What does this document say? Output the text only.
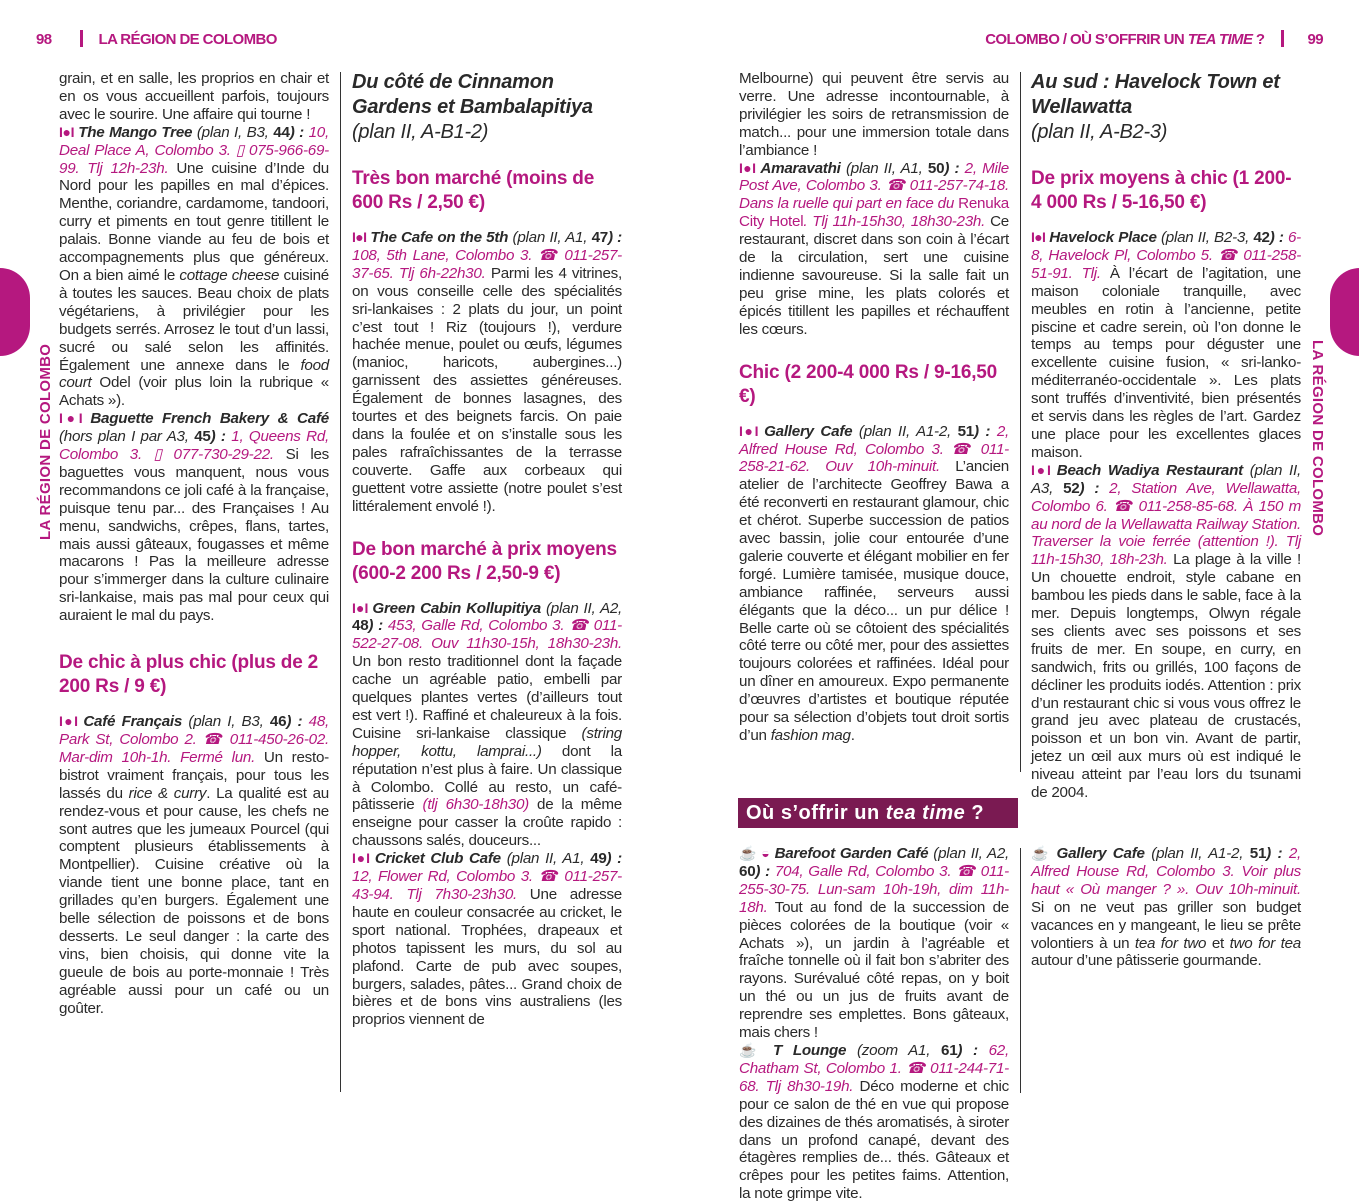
98	LA RÉGION DE COLOMBO	COLOMBO / OÙ S’OFFRIR UN TEA TIME ?	99
LA RÉGION DE COLOMBO	LA RÉGION DE COLOMBO

grain, et en salle, les proprios en chair et en os vous accueillent parfois, toujours avec le sourire. Une affaire qui tourne !

I●I The Mango Tree (plan I, B3, 44) : 10, Deal Place A, Colombo 3. ▯ 075-966-69-99. Tlj 12h-23h. Une cuisine d’Inde du Nord pour les papilles en mal d’épices. Menthe, coriandre, cardamome, tandoori, curry et piments en tout genre titillent le palais. Bonne viande au feu de bois et accompagnements plus que généreux. On a bien aimé le cottage cheese cuisiné à toutes les sauces. Beau choix de plats végétariens, à privilégier pour les budgets serrés. Arrosez le tout d’un lassi, sucré ou salé selon les affinités. Également une annexe dans le food court Odel (voir plus loin la rubrique « Achats »).

I●I Baguette French Bakery & Café (hors plan I par A3, 45) : 1, Queens Rd, Colombo 3. ▯ 077-730-29-22. Si les baguettes vous manquent, nous vous recommandons ce joli café à la française, puisque tenu par... des Françaises ! Au menu, sandwichs, crêpes, flans, tartes, mais aussi gâteaux, fougasses et même macarons ! Pas la meilleure adresse pour s’immerger dans la culture culinaire sri-lankaise, mais pas mal pour ceux qui auraient le mal du pays.

De chic à plus chic (plus de 2 200 Rs / 9 €)

I●I Café Français (plan I, B3, 46) : 48, Park St, Colombo 2. ☎ 011-450-26-02. Mar-dim 10h-1h. Fermé lun. Un resto-bistrot vraiment français, pour tous les lassés du rice & curry. La qualité est au rendez-vous et pour cause, les chefs ne sont autres que les jumeaux Pourcel (qui comptent plusieurs établissements à Montpellier). Cuisine créative où la viande tient une bonne place, tant en grillades qu’en burgers. Également une belle sélection de poissons et de bons desserts. Le seul danger : la carte des vins, bien choisis, qui donne vite la gueule de bois au porte-monnaie ! Très agréable aussi pour un café ou un goûter.

Du côté de Cinnamon Gardens et Bambalapitiya
(plan II, A-B1-2)
Très bon marché (moins de 600 Rs / 2,50 €)

I●I The Cafe on the 5th (plan II, A1, 47) : 108, 5th Lane, Colombo 3. ☎ 011-257-37-65. Tlj 6h-22h30. Parmi les 4 vitrines, on vous conseille celle des spécialités sri-lankaises : 2 plats du jour, un point c’est tout ! Riz (toujours !), verdure hachée menue, poulet ou œufs, légumes (manioc, haricots, aubergines...) garnissent des assiettes généreuses. Également de bonnes lasagnes, des tourtes et des beignets farcis. On paie dans la foulée et on s’installe sous les pales rafraîchissantes de la terrasse couverte. Gaffe aux corbeaux qui guettent votre assiette (notre poulet s’est littéralement envolé !).

De bon marché à prix moyens (600-2 200 Rs / 2,50-9 €)

I●I Green Cabin Kollupitiya (plan II, A2, 48) : 453, Galle Rd, Colombo 3. ☎ 011-522-27-08. Ouv 11h30-15h, 18h30-23h. Un bon resto traditionnel dont la façade cache un agréable patio, embelli par quelques plantes vertes (d’ailleurs tout est vert !). Raffiné et chaleureux à la fois. Cuisine sri-lankaise classique (string hopper, kottu, lamprai...) dont la réputation n’est plus à faire. Un classique à Colombo. Collé au resto, un café-pâtisserie (tlj 6h30-18h30) de la même enseigne pour casser la croûte rapido : chaussons salés, douceurs...

I●I Cricket Club Cafe (plan II, A1, 49) : 12, Flower Rd, Colombo 3. ☎ 011-257-43-94. Tlj 7h30-23h30. Une adresse haute en couleur consacrée au cricket, le sport national. Trophées, drapeaux et photos tapissent les murs, du sol au plafond. Carte de pub avec soupes, burgers, salades, pâtes... Grand choix de bières et de bons vins australiens (les proprios viennent de

Melbourne) qui peuvent être servis au verre. Une adresse incontournable, à privilégier les soirs de retransmission de match... pour une immersion totale dans l’ambiance !

I●I Amaravathi (plan II, A1, 50) : 2, Mile Post Ave, Colombo 3. ☎ 011-257-74-18. Dans la ruelle qui part en face du Renuka City Hotel. Tlj 11h-15h30, 18h30-23h. Ce restaurant, discret dans son coin à l’écart de la circulation, sert une cuisine indienne savoureuse. Si la salle fait un peu grise mine, les plats colorés et épicés titillent les papilles et réchauffent les cœurs.

Chic (2 200-4 000 Rs / 9-16,50 €)

I●I Gallery Cafe (plan II, A1-2, 51) : 2, Alfred House Rd, Colombo 3. ☎ 011-258-21-62. Ouv 10h-minuit. L’ancien atelier de l’architecte Geoffrey Bawa a été reconverti en restaurant glamour, chic et chérot. Superbe succession de patios avec bassin, jolie cour entourée d’une galerie couverte et élégant mobilier en fer forgé. Lumière tamisée, musique douce, ambiance raffinée, serveurs aussi élégants que la déco... un pur délice ! Belle carte où se côtoient des spécialités côté terre ou côté mer, pour des assiettes toujours colorées et raffinées. Idéal pour un dîner en amoureux. Expo permanente d’œuvres d’artistes et boutique réputée pour sa sélection d’objets tout droit sortis d’un fashion mag.

Au sud : Havelock Town et Wellawatta
(plan II, A-B2-3)
De prix moyens à chic (1 200-4 000 Rs / 5-16,50 €)

I●I Havelock Place (plan II, B2-3, 42) : 6-8, Havelock Pl, Colombo 5. ☎ 011-258-51-91. Tlj. À l’écart de l’agitation, une maison coloniale tranquille, avec meubles en rotin à l’ancienne, petite piscine et cadre serein, où l’on donne le temps au temps pour déguster une excellente cuisine fusion, « sri-lanko-méditerranéo-occidentale ». Les plats sont truffés d’inventivité, bien présentés et servis dans les règles de l’art. Gardez une place pour les excellentes glaces maison.

I●I Beach Wadiya Restaurant (plan II, A3, 52) : 2, Station Ave, Wellawatta, Colombo 6. ☎ 011-258-85-68. À 150 m au nord de la Wellawatta Railway Station. Traverser la voie ferrée (attention !). Tlj 11h-15h30, 18h-23h. La plage à la ville ! Un chouette endroit, style cabane en bambou les pieds dans le sable, face à la mer. Depuis longtemps, Olwyn régale ses clients avec ses poissons et ses fruits de mer. En soupe, en curry, en sandwich, frits ou grillés, 100 façons de décliner les produits iodés. Attention : prix d’un restaurant chic si vous vous offrez le grand jeu avec plateau de crustacés, poisson et un bon vin. Avant de partir, jetez un œil aux murs où est indiqué le niveau atteint par l’eau lors du tsunami de 2004.

Où s’offrir un tea time ?

☕ ◒ Barefoot Garden Café (plan II, A2, 60) : 704, Galle Rd, Colombo 3. ☎ 011-255-30-75. Lun-sam 10h-19h, dim 11h-18h. Tout au fond de la succession de pièces colorées de la boutique (voir « Achats »), un jardin à l’agréable et fraîche tonnelle où il fait bon s’abriter des rayons. Surévalué côté repas, on y boit un thé ou un jus de fruits avant de reprendre ses emplettes. Bons gâteaux, mais chers !

☕ T Lounge (zoom A1, 61) : 62, Chatham St, Colombo 1. ☎ 011-244-71-68. Tlj 8h30-19h. Déco moderne et chic pour ce salon de thé en vue qui propose des dizaines de thés aromatisés, à siroter dans un profond canapé, devant des étagères remplies de... thés. Gâteaux et crêpes pour les petites faims. Attention, la note grimpe vite.

☕ Gallery Cafe (plan II, A1-2, 51) : 2, Alfred House Rd, Colombo 3. Voir plus haut « Où manger ? ». Ouv 10h-minuit. Si on ne veut pas griller son budget vacances en y mangeant, le lieu se prête volontiers à un tea for two et two for tea autour d’une pâtisserie gourmande.
